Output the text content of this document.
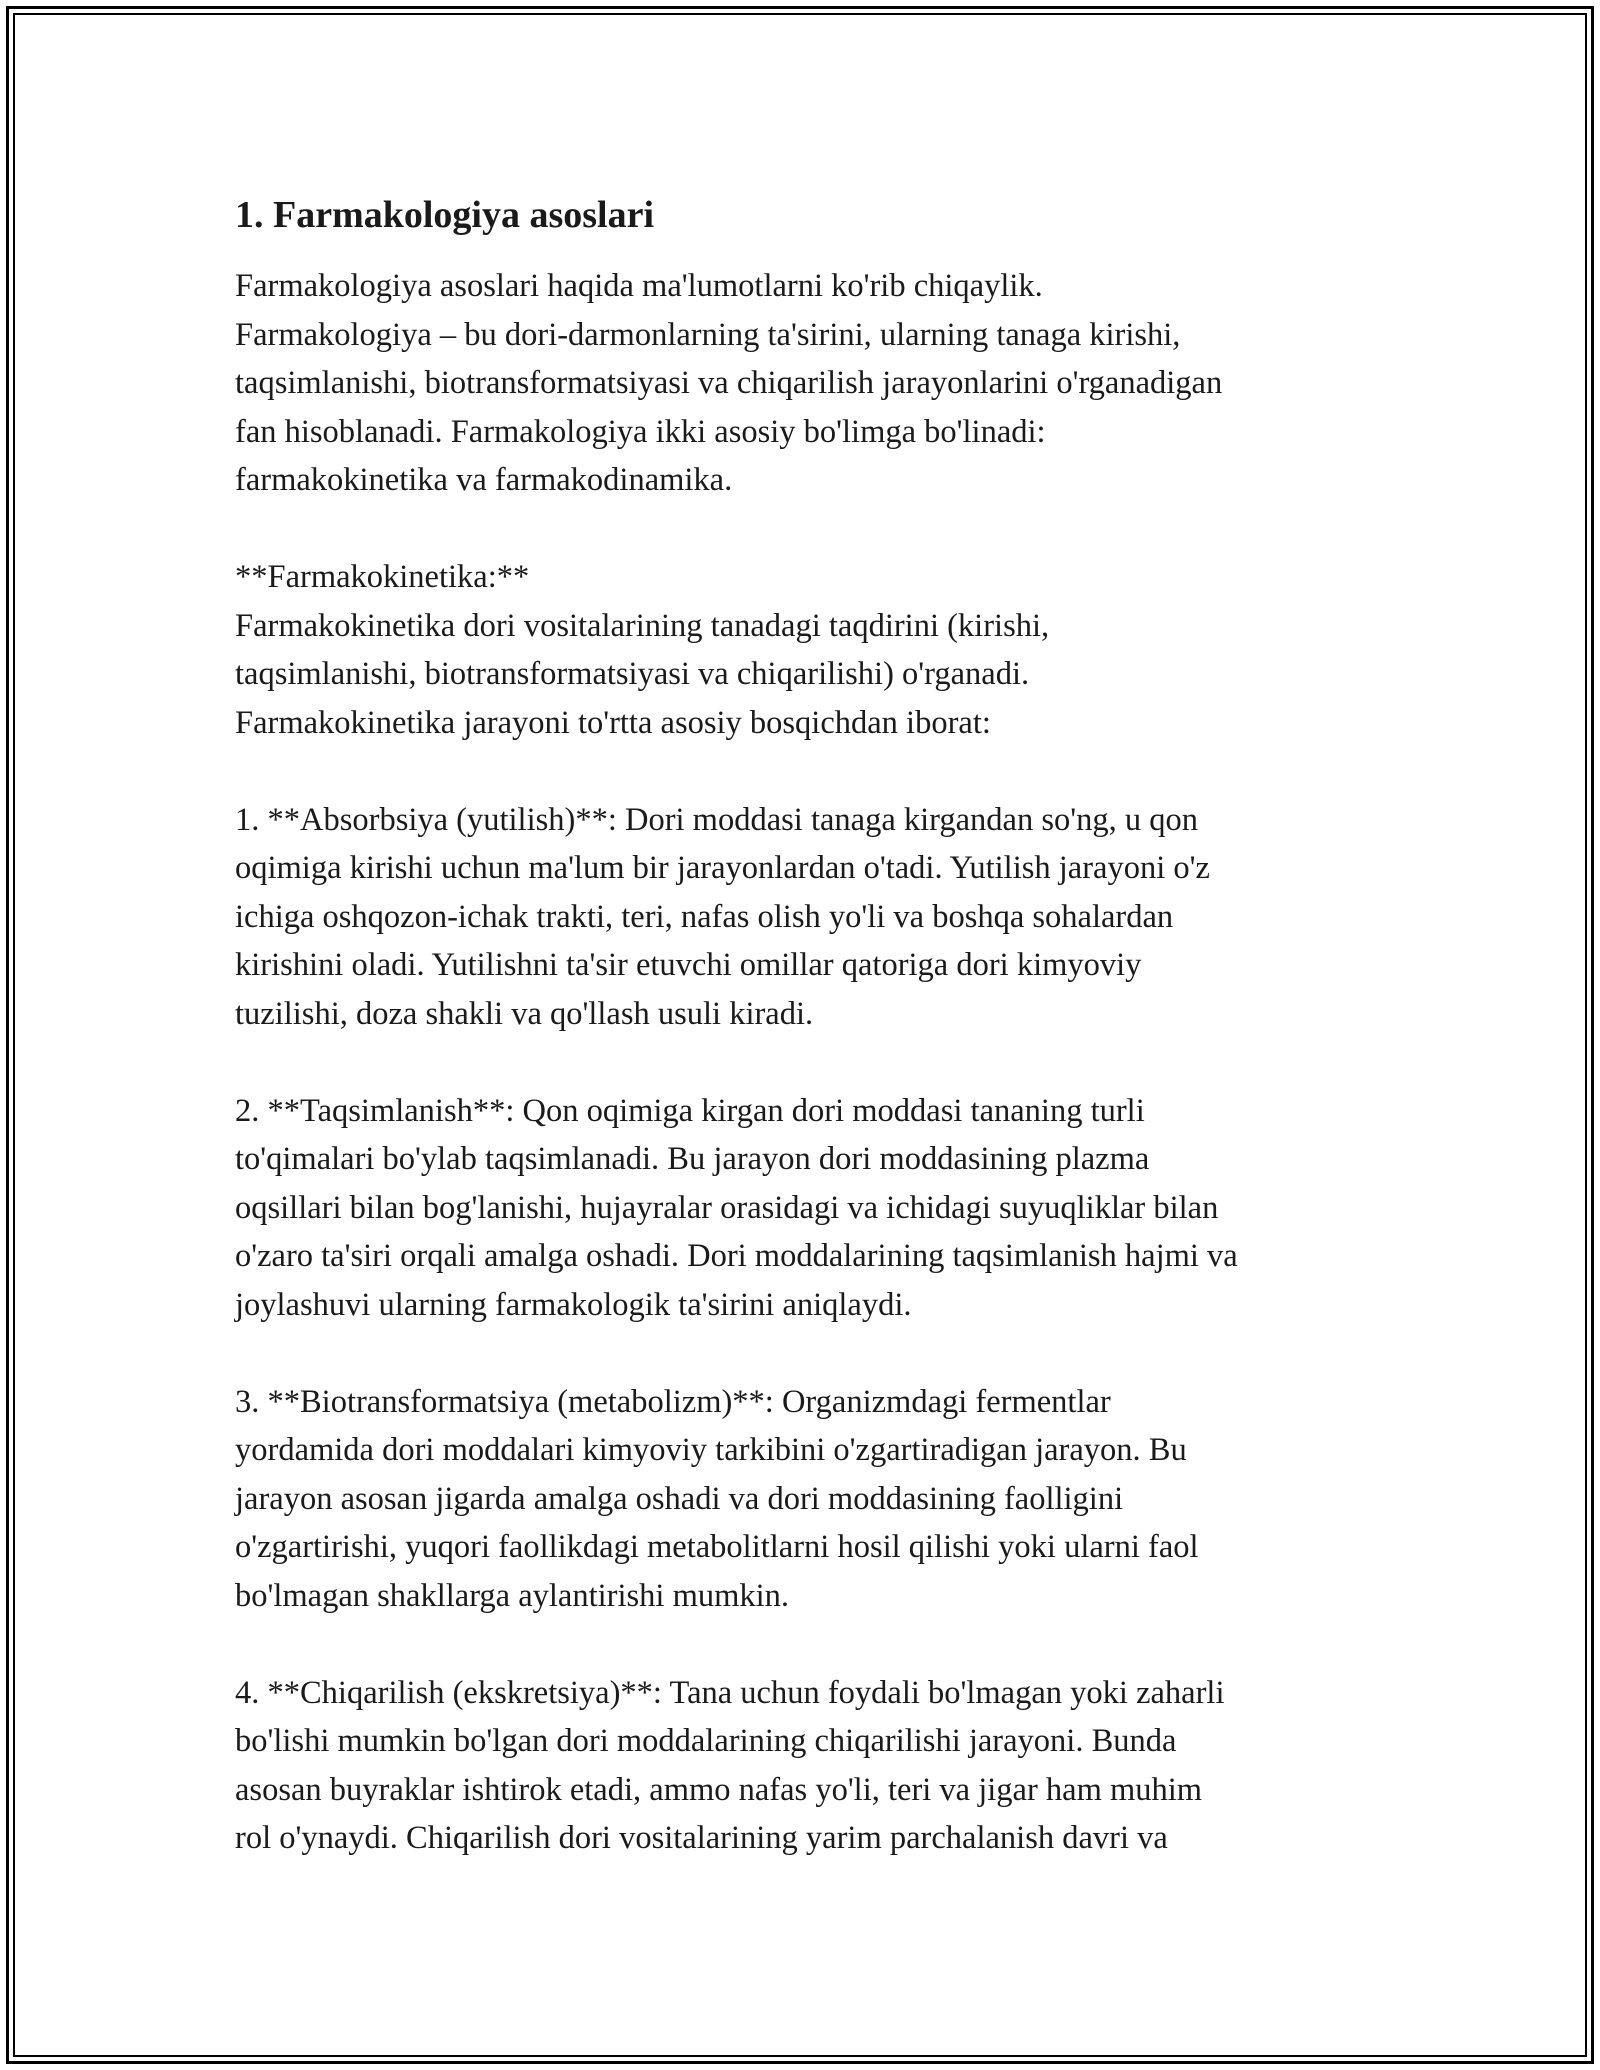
1. Farmakologiya asoslari

Farmakologiya asoslari haqida ma'lumotlarni ko'rib chiqaylik.
Farmakologiya – bu dori-darmonlarning ta'sirini, ularning tanaga kirishi,
taqsimlanishi, biotransformatsiyasi va chiqarilish jarayonlarini o'rganadigan
fan hisoblanadi. Farmakologiya ikki asosiy bo'limga bo'linadi:
farmakokinetika va farmakodinamika.

**Farmakokinetika:**

Farmakokinetika dori vositalarining tanadagi taqdirini (kirishi,
taqsimlanishi, biotransformatsiyasi va chiqarilishi) o'rganadi.
Farmakokinetika jarayoni to'rtta asosiy bosqichdan iborat:

1. **Absorbsiya (yutilish)**: Dori moddasi tanaga kirgandan so'ng, u qon
oqimiga kirishi uchun ma'lum bir jarayonlardan o'tadi. Yutilish jarayoni o'z
ichiga oshqozon-ichak trakti, teri, nafas olish yo'li va boshqa sohalardan
kirishini oladi. Yutilishni ta'sir etuvchi omillar qatoriga dori kimyoviy
tuzilishi, doza shakli va qo'llash usuli kiradi.

2. **Taqsimlanish**: Qon oqimiga kirgan dori moddasi tananing turli
to'qimalari bo'ylab taqsimlanadi. Bu jarayon dori moddasining plazma
oqsillari bilan bog'lanishi, hujayralar orasidagi va ichidagi suyuqliklar bilan
o'zaro ta'siri orqali amalga oshadi. Dori moddalarining taqsimlanish hajmi va
joylashuvi ularning farmakologik ta'sirini aniqlaydi.

3. **Biotransformatsiya (metabolizm)**: Organizmdagi fermentlar
yordamida dori moddalari kimyoviy tarkibini o'zgartiradigan jarayon. Bu
jarayon asosan jigarda amalga oshadi va dori moddasining faolligini
o'zgartirishi, yuqori faollikdagi metabolitlarni hosil qilishi yoki ularni faol
bo'lmagan shakllarga aylantirishi mumkin.

4. **Chiqarilish (ekskretsiya)**: Tana uchun foydali bo'lmagan yoki zaharli
bo'lishi mumkin bo'lgan dori moddalarining chiqarilishi jarayoni. Bunda
asosan buyraklar ishtirok etadi, ammo nafas yo'li, teri va jigar ham muhim
rol o'ynaydi. Chiqarilish dori vositalarining yarim parchalanish davri va
